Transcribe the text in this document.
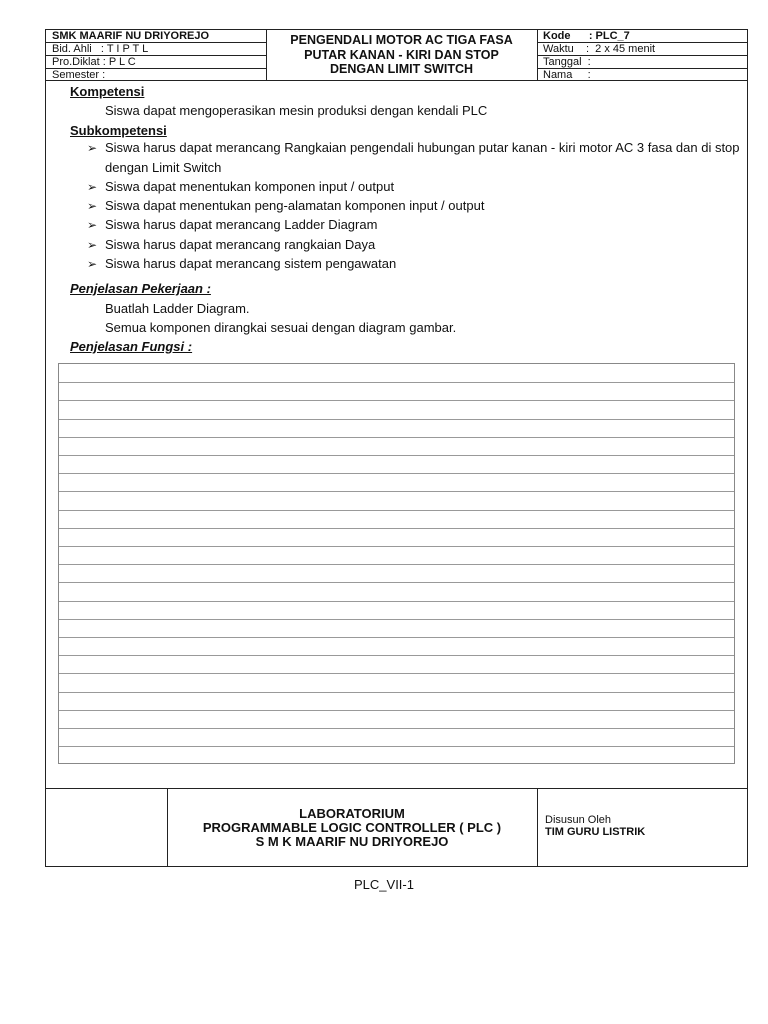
SMK MAARIF NU DRIYOREJO
Bid. Ahli   : T I P T L
Pro.Diklat : P L C
Semester :
PENGENDALI MOTOR AC TIGA FASA
PUTAR KANAN - KIRI DAN STOP
DENGAN LIMIT SWITCH
Kode      : PLC_7
Waktu    :  2 x 45 menit
Tanggal  :
Nama     :
Kompetensi
Siswa dapat mengoperasikan mesin produksi dengan kendali PLC
Subkompetensi
➢ Siswa harus dapat merancang Rangkaian pengendali hubungan putar kanan - kiri motor AC 3 fasa dan di stop dengan Limit Switch
➢ Siswa dapat menentukan komponen input / output
➢ Siswa dapat menentukan peng-alamatan komponen input / output
➢ Siswa harus dapat merancang Ladder Diagram
➢ Siswa harus dapat merancang rangkaian Daya
➢ Siswa harus dapat merancang sistem pengawatan
Penjelasan Pekerjaan :
Buatlah Ladder Diagram.
Semua komponen dirangkai sesuai dengan diagram gambar.
Penjelasan Fungsi :
LABORATORIUM
PROGRAMMABLE LOGIC CONTROLLER ( PLC )
S M K MAARIF NU DRIYOREJO
Disusun Oleh
TIM GURU LISTRIK
PLC_VII-1
